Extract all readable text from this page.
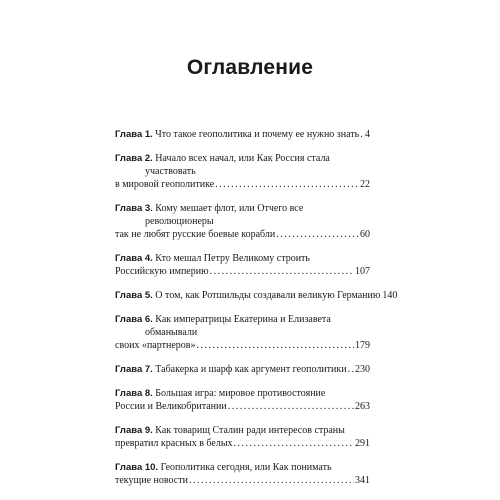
Оглавление
Глава 1. Что такое геополитика и почему ее нужно знать . . . 4
Глава 2. Начало всех начал, или Как Россия стала участвовать
в мировой геополитике . . .	22
Глава 3. Кому мешает флот, или Отчего все революционеры
так не любят русские боевые корабли . . .	60
Глава 4. Кто мешал Петру Великому строить
Российскую империю . . .	107
Глава 5. О том, как Ротшильды создавали великую Германию 140
Глава 6. Как императрицы Екатерина и Елизавета обманывали
своих «партнеров» . . .	179
Глава 7. Табакерка и шарф как аргумент геополитики . . . 230
Глава 8. Большая игра: мировое противостояние
России и Великобритании . . .	263
Глава 9. Как товарищ Сталин ради интересов страны
превратил красных в белых . . .	291
Глава 10. Геополитика сегодня, или Как понимать
текущие новости . . .	341
